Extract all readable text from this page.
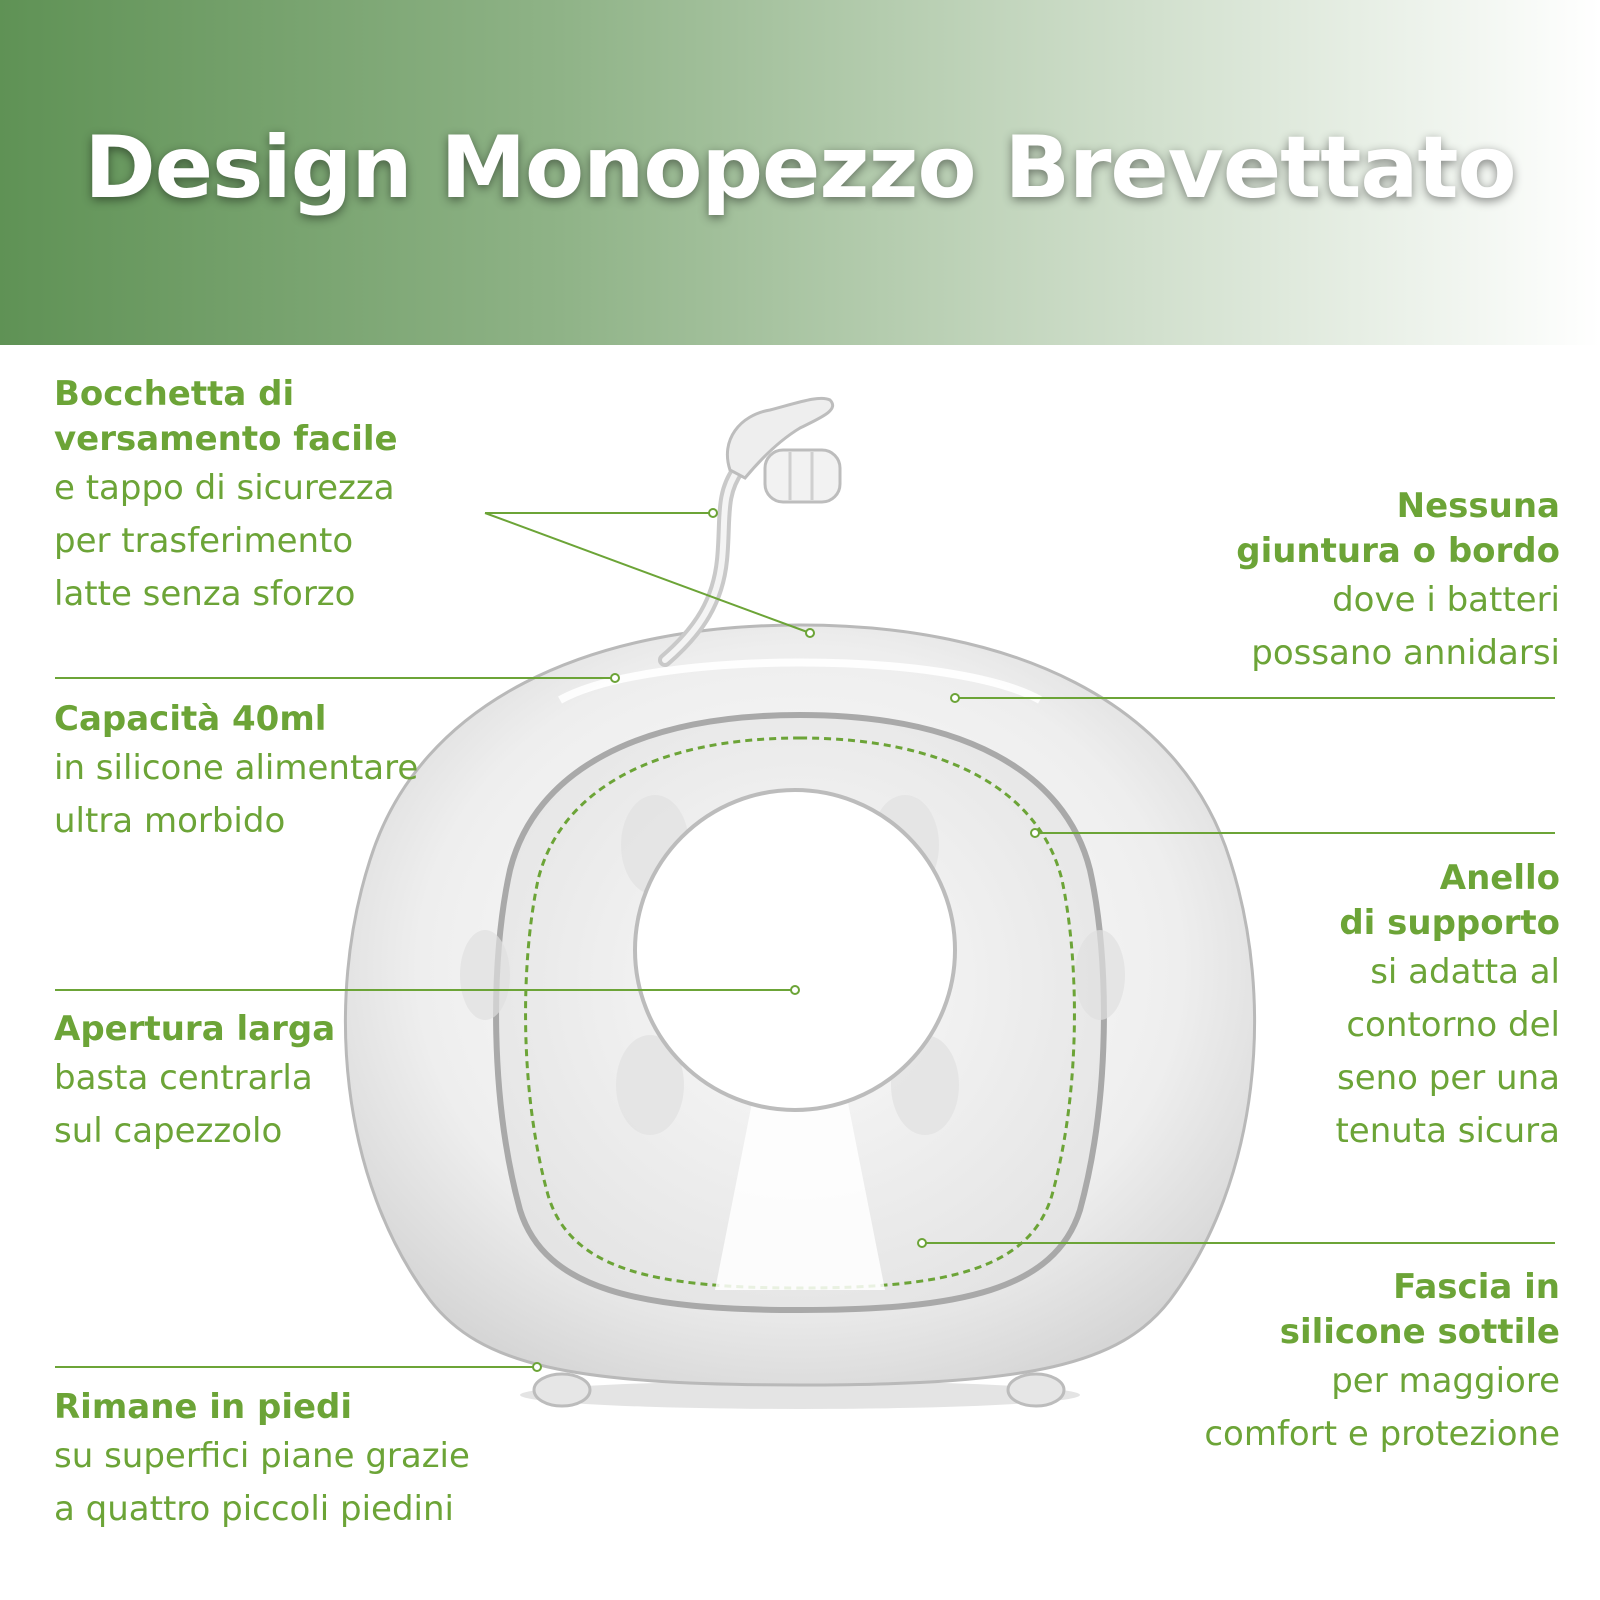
Design Monopezzo Brevettato
Bocchetta di
versamento facile
e tappo di sicurezza
per trasferimento
latte senza sforzo
Capacità 40ml
in silicone alimentare
ultra morbido
Apertura larga
basta centrarla
sul capezzolo
Rimane in piedi
su superfici piane grazie
a quattro piccoli piedini
Nessuna
giuntura o bordo
dove i batteri
possano annidarsi
Anello
di supporto
si adatta al
contorno del
seno per una
tenuta sicura
Fascia in
silicone sottile
per maggiore
comfort e protezione
